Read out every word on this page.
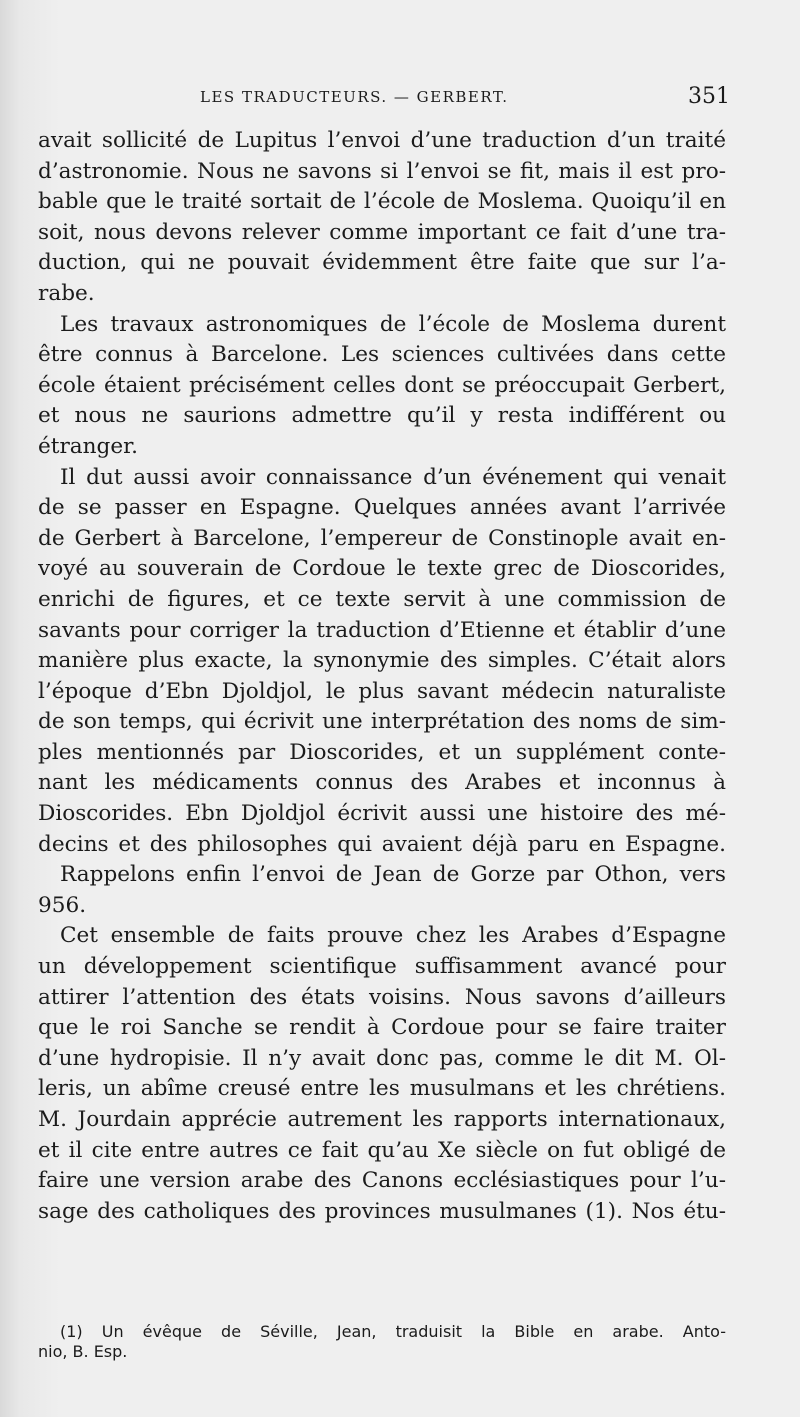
LES TRADUCTEURS. — GERBERT.	351
avait sollicité de Lupitus l’envoi d’une traduction d’un traité
d’astronomie. Nous ne savons si l’envoi se fit, mais il est pro-
bable que le traité sortait de l’école de Moslema. Quoiqu’il en
soit, nous devons relever comme important ce fait d’une tra-
duction, qui ne pouvait évidemment être faite que sur l’a-
rabe.
Les travaux astronomiques de l’école de Moslema durent
être connus à Barcelone. Les sciences cultivées dans cette
école étaient précisément celles dont se préoccupait Gerbert,
et nous ne saurions admettre qu’il y resta indifférent ou
étranger.
Il dut aussi avoir connaissance d’un événement qui venait
de se passer en Espagne. Quelques années avant l’arrivée
de Gerbert à Barcelone, l’empereur de Constinople avait en-
voyé au souverain de Cordoue le texte grec de Dioscorides,
enrichi de figures, et ce texte servit à une commission de
savants pour corriger la traduction d’Etienne et établir d’une
manière plus exacte, la synonymie des simples. C’était alors
l’époque d’Ebn Djoldjol, le plus savant médecin naturaliste
de son temps, qui écrivit une interprétation des noms de sim-
ples mentionnés par Dioscorides, et un supplément conte-
nant les médicaments connus des Arabes et inconnus à
Dioscorides. Ebn Djoldjol écrivit aussi une histoire des mé-
decins et des philosophes qui avaient déjà paru en Espagne.
Rappelons enfin l’envoi de Jean de Gorze par Othon, vers
956.
Cet ensemble de faits prouve chez les Arabes d’Espagne
un développement scientifique suffisamment avancé pour
attirer l’attention des états voisins. Nous savons d’ailleurs
que le roi Sanche se rendit à Cordoue pour se faire traiter
d’une hydropisie. Il n’y avait donc pas, comme le dit M. Ol-
leris, un abîme creusé entre les musulmans et les chrétiens.
M. Jourdain apprécie autrement les rapports internationaux,
et il cite entre autres ce fait qu’au Xe siècle on fut obligé de
faire une version arabe des Canons ecclésiastiques pour l’u-
sage des catholiques des provinces musulmanes (1). Nos étu-
(1) Un évêque de Séville, Jean, traduisit la Bible en arabe. Anto-
nio, B. Esp.
